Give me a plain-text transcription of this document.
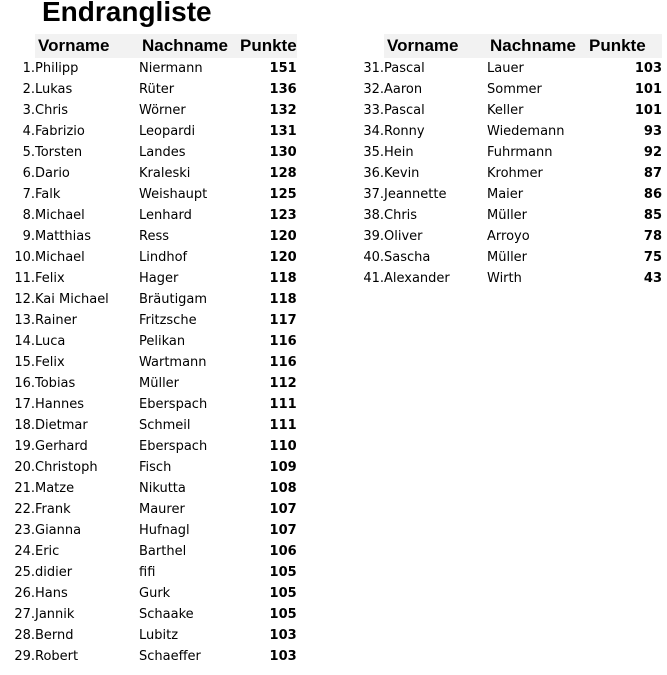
Endrangliste
	Vorname	Nachname	Punkte
1.	Philipp	Niermann	151
2.	Lukas	Rüter	136
3.	Chris	Wörner	132
4.	Fabrizio	Leopardi	131
5.	Torsten	Landes	130
6.	Dario	Kraleski	128
7.	Falk	Weishaupt	125
8.	Michael	Lenhard	123
9.	Matthias	Ress	120
10.	Michael	Lindhof	120
11.	Felix	Hager	118
12.	Kai Michael	Bräutigam	118
13.	Rainer	Fritzsche	117
14.	Luca	Pelikan	116
15.	Felix	Wartmann	116
16.	Tobias	Müller	112
17.	Hannes	Eberspach	111
18.	Dietmar	Schmeil	111
19.	Gerhard	Eberspach	110
20.	Christoph	Fisch	109
21.	Matze	Nikutta	108
22.	Frank	Maurer	107
23.	Gianna	Hufnagl	107
24.	Eric	Barthel	106
25.	didier	fifi	105
26.	Hans	Gurk	105
27.	Jannik	Schaake	105
28.	Bernd	Lubitz	103
29.	Robert	Schaeffer	103
	Vorname	Nachname	Punkte
31.	Pascal	Lauer	103
32.	Aaron	Sommer	101
33.	Pascal	Keller	101
34.	Ronny	Wiedemann	93
35.	Hein	Fuhrmann	92
36.	Kevin	Krohmer	87
37.	Jeannette	Maier	86
38.	Chris	Müller	85
39.	Oliver	Arroyo	78
40.	Sascha	Müller	75
41.	Alexander	Wirth	43
